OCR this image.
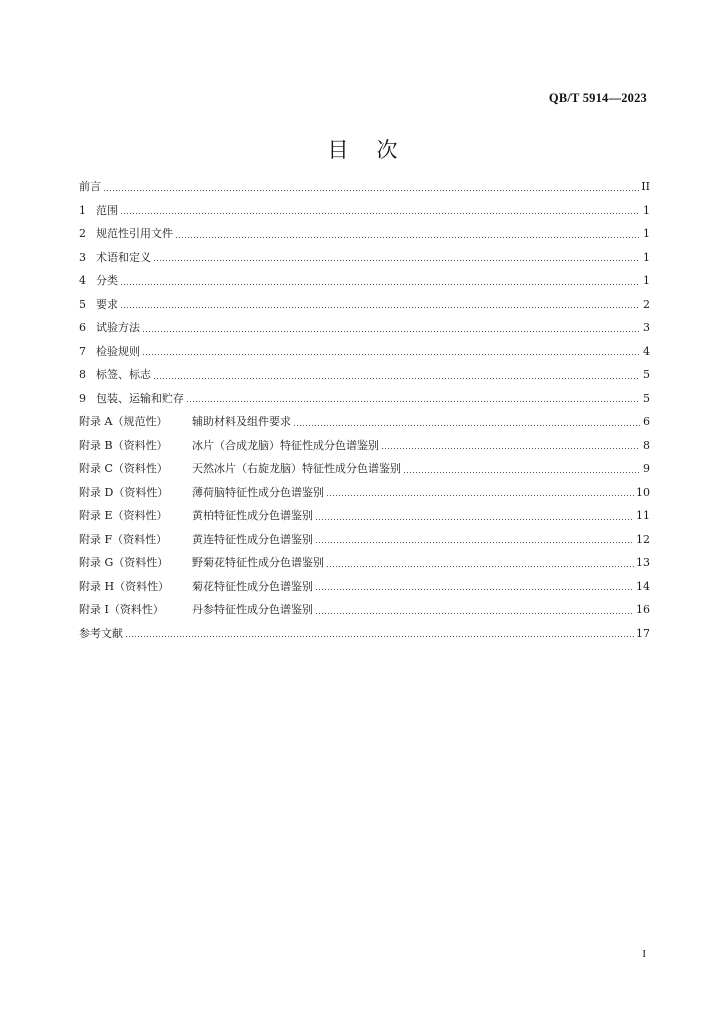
QB/T 5914—2023
目次
前言	II
1 范围	1
2 规范性引用文件	1
3 术语和定义	1
4 分类	1
5 要求	2
6 试验方法	3
7 检验规则	4
8 标签、标志	5
9 包装、运输和贮存	5
附录 A（规范性）	辅助材料及组件要求	6
附录 B（资料性）	冰片（合成龙脑）特征性成分色谱鉴别	8
附录 C（资料性）	天然冰片（右旋龙脑）特征性成分色谱鉴别	9
附录 D（资料性）	薄荷脑特征性成分色谱鉴别	10
附录 E（资料性）	黄柏特征性成分色谱鉴别	11
附录 F（资料性）	黄连特征性成分色谱鉴别	12
附录 G（资料性）	野菊花特征性成分色谱鉴别	13
附录 H（资料性）	菊花特征性成分色谱鉴别	14
附录 I（资料性）	丹参特征性成分色谱鉴别	16
参考文献	17
I
